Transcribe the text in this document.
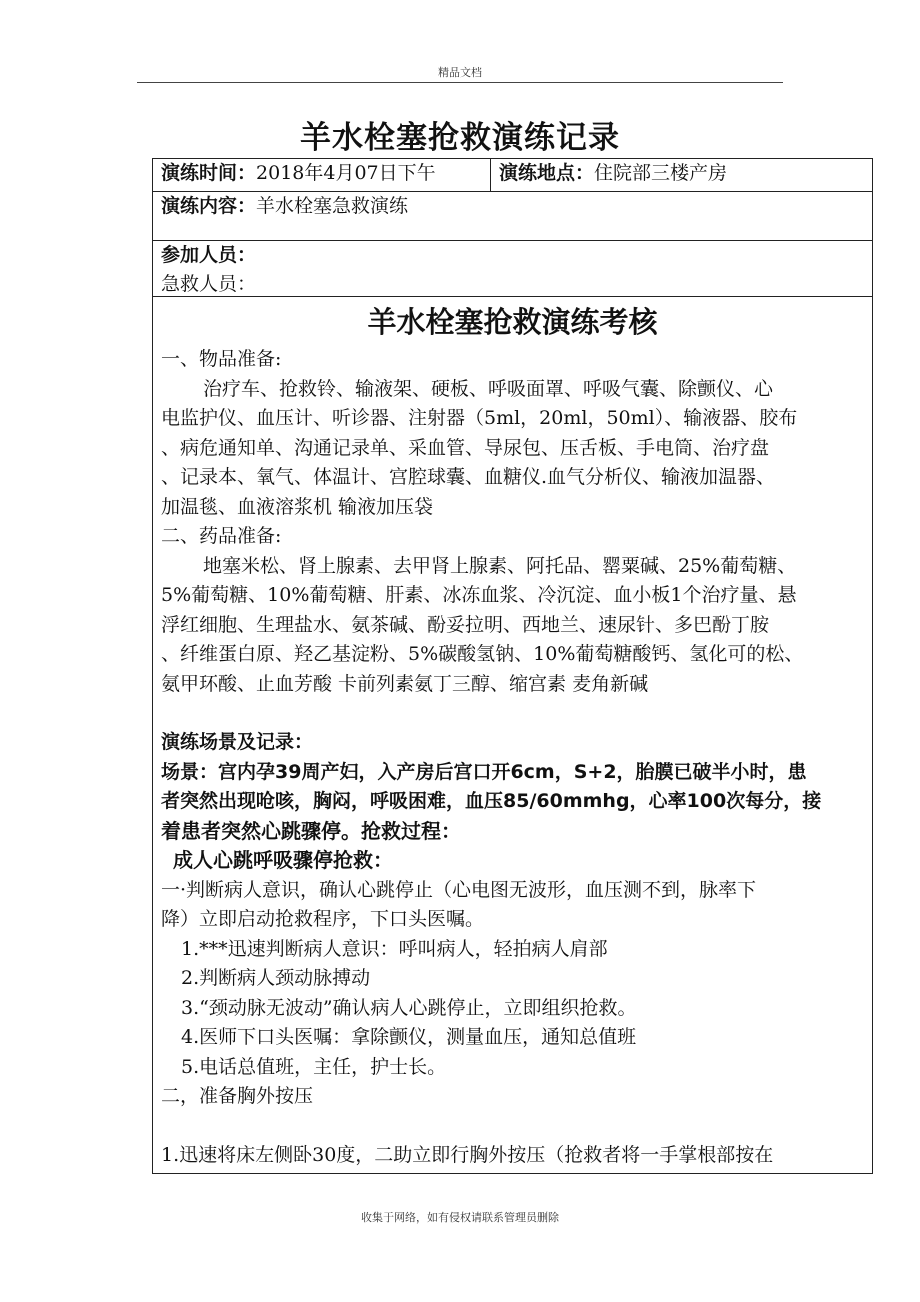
精品文档
羊水栓塞抢救演练记录
演练时间：2018年4月07日下午	演练地点：住院部三楼产房
演练内容：羊水栓塞急救演练
参加人员：
急救人员：
羊水栓塞抢救演练考核
一、物品准备:
治疗车、抢救铃、输液架、硬板、呼吸面罩、呼吸气囊、除颤仪、心
电监护仪、血压计、听诊器、注射器（5ml，20ml，50ml）、输液器、胶布
、病危通知单、沟通记录单、采血管、导尿包、压舌板、手电筒、治疗盘
、记录本、氧气、体温计、宫腔球囊、血糖仪.血气分析仪、输液加温器、
加温毯、血液溶浆机 输液加压袋
二、药品准备:
地塞米松、肾上腺素、去甲肾上腺素、阿托品、罂粟碱、25%葡萄糖、
5%葡萄糖、10%葡萄糖、肝素、冰冻血浆、冷沉淀、血小板1个治疗量、悬
浮红细胞、生理盐水、氨茶碱、酚妥拉明、西地兰、速尿针、多巴酚丁胺
、纤维蛋白原、羟乙基淀粉、5%碳酸氢钠、10%葡萄糖酸钙、氢化可的松、
氨甲环酸、止血芳酸 卡前列素氨丁三醇、缩宫素 麦角新碱
演练场景及记录：
场景：宫内孕39周产妇，入产房后宫口开6cm，S+2，胎膜已破半小时，患
者突然出现呛咳，胸闷，呼吸困难，血压85/60mmhg，心率100次每分，接
着患者突然心跳骤停。抢救过程：
成人心跳呼吸骤停抢救：
一·判断病人意识，确认心跳停止（心电图无波形，血压测不到，脉率下
降）立即启动抢救程序，下口头医嘱。
1.***迅速判断病人意识：呼叫病人，轻拍病人肩部
2.判断病人颈动脉搏动
3.“颈动脉无波动”确认病人心跳停止，立即组织抢救。
4.医师下口头医嘱：拿除颤仪，测量血压，通知总值班
5.电话总值班，主任，护士长。
二，准备胸外按压
1.迅速将床左侧卧30度，二助立即行胸外按压（抢救者将一手掌根部按在
收集于网络，如有侵权请联系管理员删除
